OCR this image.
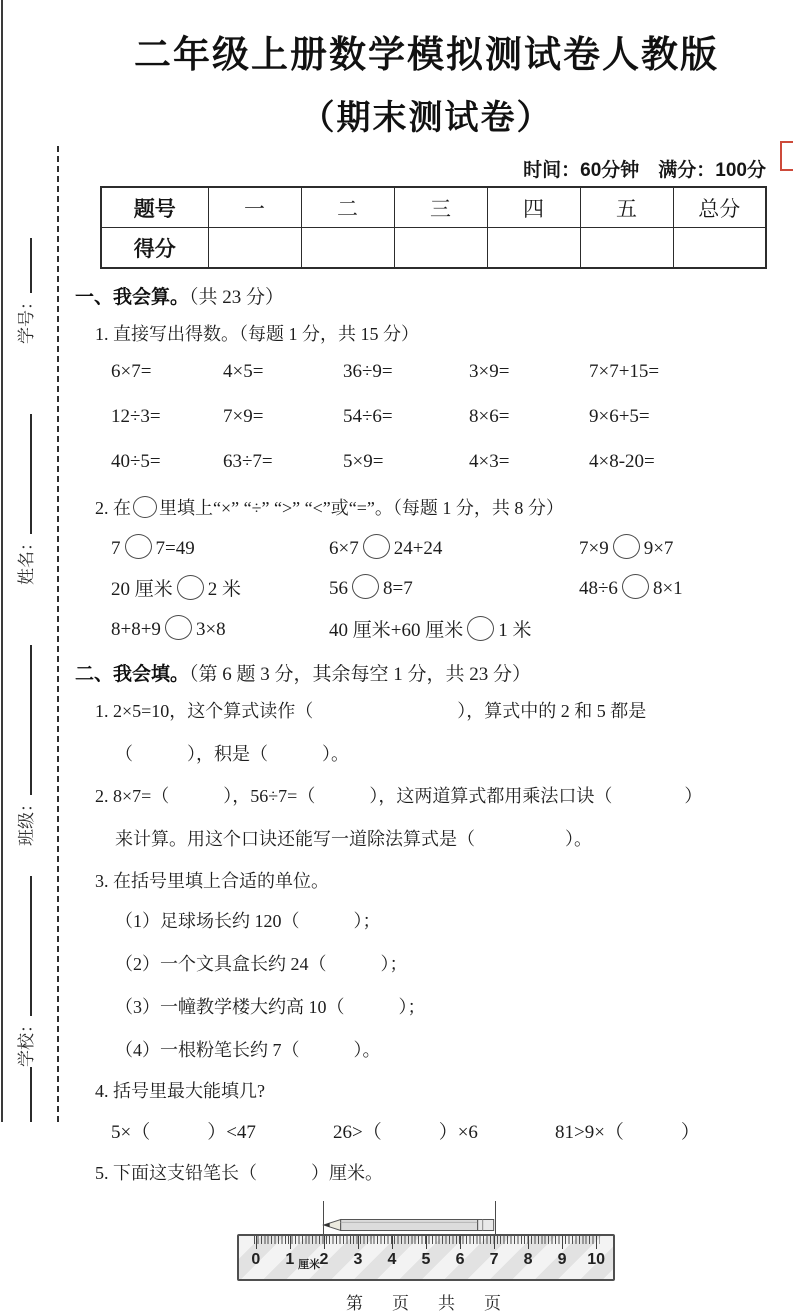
学校：班级：姓名：学号：
二年级上册数学模拟测试卷人教版
（期末测试卷）
时间：60分钟　满分：100分
题号	一	二	三	四	五	总分
得分						
一、我会算。（共 23 分）
1. 直接写出得数。（每题 1 分，共 15 分）
6×7=	4×5=	36÷9=	3×9=	7×7+15=
12÷3=	7×9=	54÷6=	8×6=	9×6+5=
40÷5=	63÷7=	5×9=	4×3=	4×8-20=
2. 在 里填上“×” “÷” “>” “<”或“=”。（每题 1 分，共 8 分）
7 7=49	6×7 24+24	7×9 9×7
20 厘米 2 米	56 8=7	48÷6 8×1
8+8+9 3×8	40 厘米+60 厘米 1 米
二、我会填。（第 6 题 3 分，其余每空 1 分，共 23 分）
1. 2×5=10，这个算式读作（　　　　　　　　），算式中的 2 和 5 都是
（　　　），积是（　　　）。
2. 8×7=（　　　），56÷7=（　　　），这两道算式都用乘法口诀（　　　　）
来计算。用这个口诀还能写一道除法算式是（　　　　　）。
3. 在括号里填上合适的单位。
（1）足球场长约 120（　　　）；
（2）一个文具盒长约 24（　　　）；
（3）一幢教学楼大约高 10（　　　）；
（4）一根粉笔长约 7（　　　）。
4. 括号里最大能填几?
5×（　　　）<47	26>（　　　）×6	81>9×（　　　）
5. 下面这支铅笔长（　　　）厘米。
0 1 2 3 4 5 6 7 8 9 10
厘米
第　页　共　页
